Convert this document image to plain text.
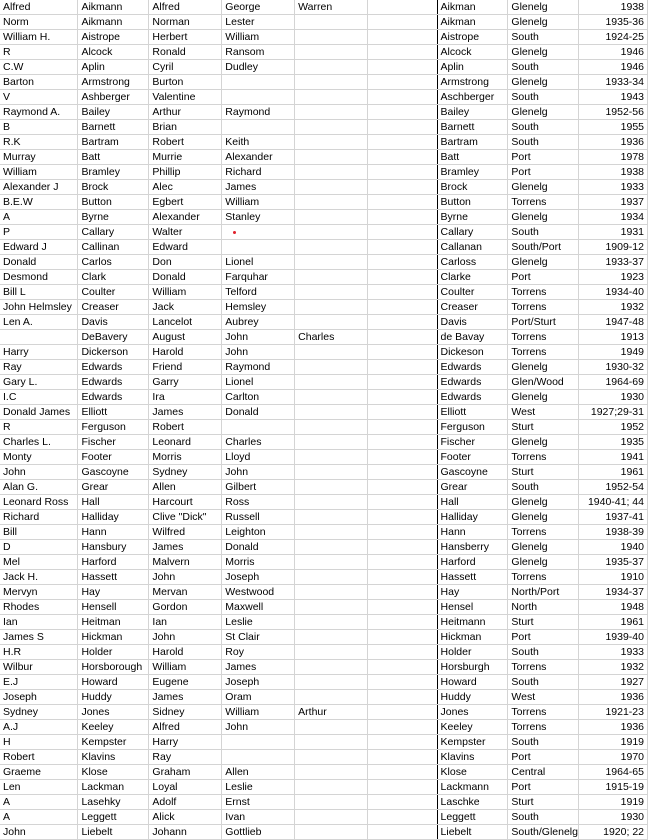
Alfred	Aikmann	Alfred	George	Warren		Aikman	Glenelg	1938
Norm	Aikmann	Norman	Lester			Aikman	Glenelg	1935-36
William H.	Aistrope	Herbert	William			Aistrope	South	1924-25
R	Alcock	Ronald	Ransom			Alcock	Glenelg	1946
C.W	Aplin	Cyril	Dudley			Aplin	South	1946
Barton	Armstrong	Burton				Armstrong	Glenelg	1933-34
V	Ashberger	Valentine				Aschberger	South	1943
Raymond A.	Bailey	Arthur	Raymond			Bailey	Glenelg	1952-56
B	Barnett	Brian				Barnett	South	1955
R.K	Bartram	Robert	Keith			Bartram	South	1936
Murray	Batt	Murrie	Alexander			Batt	Port	1978
William	Bramley	Phillip	Richard			Bramley	Port	1938
Alexander J	Brock	Alec	James			Brock	Glenelg	1933
B.E.W	Button	Egbert	William			Button	Torrens	1937
A	Byrne	Alexander	Stanley			Byrne	Glenelg	1934
P	Callary	Walter				Callary	South	1931
Edward J	Callinan	Edward				Callanan	South/Port	1909-12
Donald	Carlos	Don	Lionel			Carloss	Glenelg	1933-37
Desmond	Clark	Donald	Farquhar			Clarke	Port	1923
Bill L	Coulter	William	Telford			Coulter	Torrens	1934-40
John Helmsley	Creaser	Jack	Hemsley			Creaser	Torrens	1932
Len A.	Davis	Lancelot	Aubrey			Davis	Port/Sturt	1947-48
	DeBavery	August	John	Charles		de Bavay	Torrens	1913
Harry	Dickerson	Harold	John			Dickeson	Torrens	1949
Ray	Edwards	Friend	Raymond			Edwards	Glenelg	1930-32
Gary L.	Edwards	Garry	Lionel			Edwards	Glen/Wood	1964-69
I.C	Edwards	Ira	Carlton			Edwards	Glenelg	1930
Donald James	Elliott	James	Donald			Elliott	West	1927;29-31
R	Ferguson	Robert				Ferguson	Sturt	1952
Charles L.	Fischer	Leonard	Charles			Fischer	Glenelg	1935
Monty	Footer	Morris	Lloyd			Footer	Torrens	1941
John	Gascoyne	Sydney	John			Gascoyne	Sturt	1961
Alan G.	Grear	Allen	Gilbert			Grear	South	1952-54
Leonard Ross	Hall	Harcourt	Ross			Hall	Glenelg	1940-41; 44
Richard	Halliday	Clive "Dick"	Russell			Halliday	Glenelg	1937-41
Bill	Hann	Wilfred	Leighton			Hann	Torrens	1938-39
D	Hansbury	James	Donald			Hansberry	Glenelg	1940
Mel	Harford	Malvern	Morris			Harford	Glenelg	1935-37
Jack H.	Hassett	John	Joseph			Hassett	Torrens	1910
Mervyn	Hay	Mervan	Westwood			Hay	North/Port	1934-37
Rhodes	Hensell	Gordon	Maxwell			Hensel	North	1948
Ian	Heitman	Ian	Leslie			Heitmann	Sturt	1961
James S	Hickman	John	St Clair			Hickman	Port	1939-40
H.R	Holder	Harold	Roy			Holder	South	1933
Wilbur	Horsborough	William	James			Horsburgh	Torrens	1932
E.J	Howard	Eugene	Joseph			Howard	South	1927
Joseph	Huddy	James	Oram			Huddy	West	1936
Sydney	Jones	Sidney	William	Arthur		Jones	Torrens	1921-23
A.J	Keeley	Alfred	John			Keeley	Torrens	1936
H	Kempster	Harry				Kempster	South	1919
Robert	Klavins	Ray				Klavins	Port	1970
Graeme	Klose	Graham	Allen			Klose	Central	1964-65
Len	Lackman	Loyal	Leslie			Lackmann	Port	1915-19
A	Lasehky	Adolf	Ernst			Laschke	Sturt	1919
A	Leggett	Alick	Ivan			Leggett	South	1930
John	Liebelt	Johann	Gottlieb			Liebelt	South/Glenelg	1920; 22
